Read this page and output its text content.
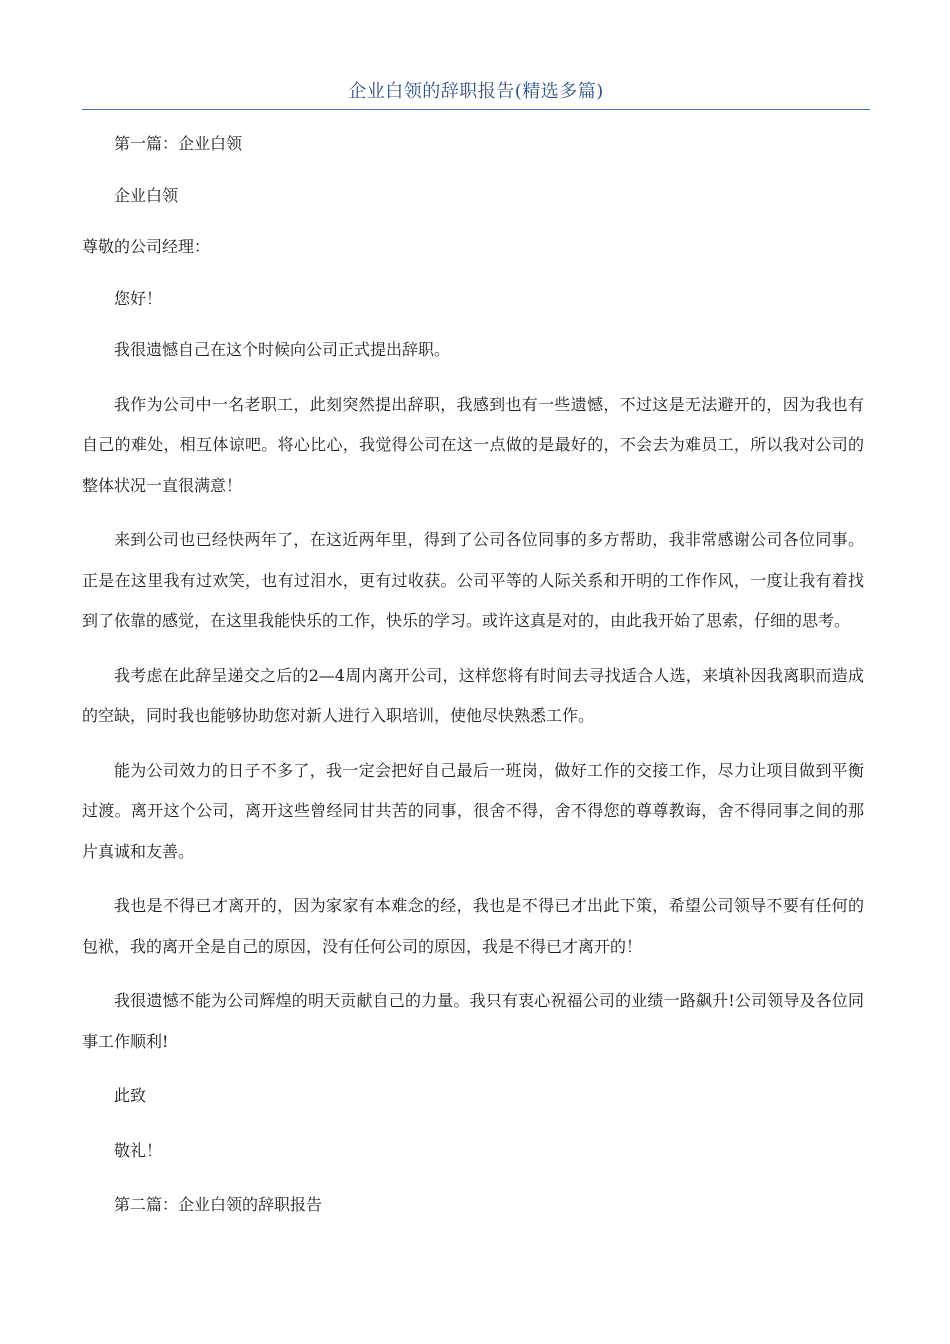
企业白领的辞职报告(精选多篇)

第一篇：企业白领

企业白领

尊敬的公司经理：

您好！

我很遗憾自己在这个时候向公司正式提出辞职。

我作为公司中一名老职工，此刻突然提出辞职，我感到也有一些遗憾，不过这是无法避开的，因为我也有自己的难处，相互体谅吧。将心比心，我觉得公司在这一点做的是最好的，不会去为难员工，所以我对公司的整体状况一直很满意！

来到公司也已经快两年了，在这近两年里，得到了公司各位同事的多方帮助，我非常感谢公司各位同事。正是在这里我有过欢笑，也有过泪水，更有过收获。公司平等的人际关系和开明的工作作风，一度让我有着找到了依靠的感觉，在这里我能快乐的工作，快乐的学习。或许这真是对的，由此我开始了思索，仔细的思考。

我考虑在此辞呈递交之后的2—4周内离开公司，这样您将有时间去寻找适合人选，来填补因我离职而造成的空缺，同时我也能够协助您对新人进行入职培训，使他尽快熟悉工作。

能为公司效力的日子不多了，我一定会把好自己最后一班岗，做好工作的交接工作，尽力让项目做到平衡过渡。离开这个公司，离开这些曾经同甘共苦的同事，很舍不得，舍不得您的尊尊教诲，舍不得同事之间的那片真诚和友善。

我也是不得已才离开的，因为家家有本难念的经，我也是不得已才出此下策，希望公司领导不要有任何的包袱，我的离开全是自己的原因，没有任何公司的原因，我是不得已才离开的！

我很遗憾不能为公司辉煌的明天贡献自己的力量。我只有衷心祝福公司的业绩一路飙升!公司领导及各位同事工作顺利!

此致

敬礼！

第二篇：企业白领的辞职报告
